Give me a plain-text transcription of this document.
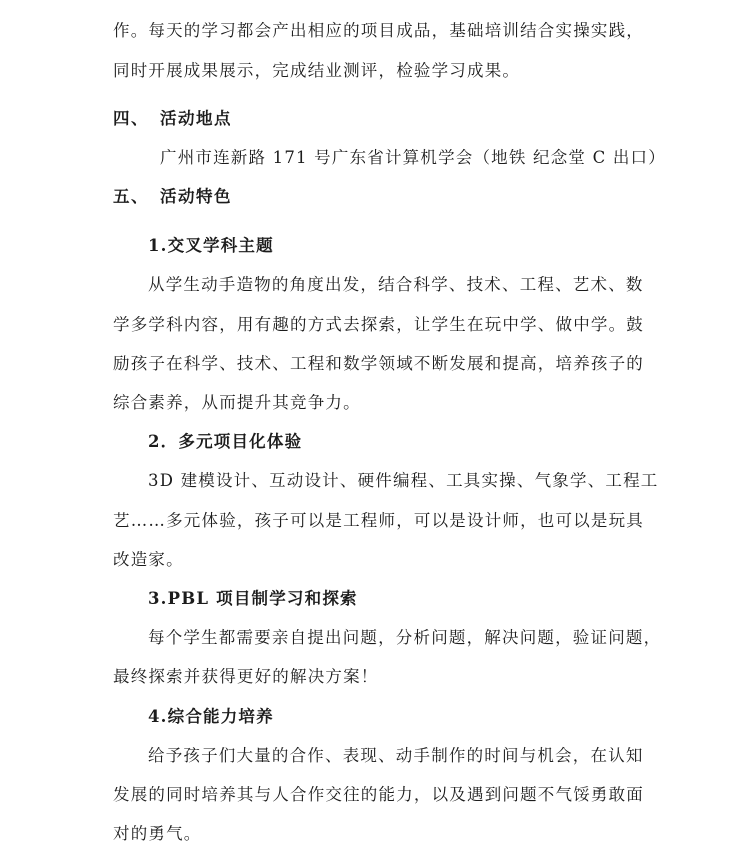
作。每天的学习都会产出相应的项目成品，基础培训结合实操实践，
同时开展成果展示，完成结业测评，检验学习成果。
四、 活动地点
广州市连新路 171 号广东省计算机学会（地铁 纪念堂 C 出口）
五、 活动特色
1.交叉学科主题
从学生动手造物的角度出发，结合科学、技术、工程、艺术、数
学多学科内容，用有趣的方式去探索，让学生在玩中学、做中学。鼓
励孩子在科学、技术、工程和数学领域不断发展和提高，培养孩子的
综合素养，从而提升其竞争力。
2．多元项目化体验
3D 建模设计、互动设计、硬件编程、工具实操、气象学、工程工
艺……多元体验，孩子可以是工程师，可以是设计师，也可以是玩具
改造家。
3.PBL 项目制学习和探索
每个学生都需要亲自提出问题，分析问题，解决问题，验证问题，
最终探索并获得更好的解决方案！
4.综合能力培养
给予孩子们大量的合作、表现、动手制作的时间与机会，在认知
发展的同时培养其与人合作交往的能力，以及遇到问题不气馁勇敢面
对的勇气。
